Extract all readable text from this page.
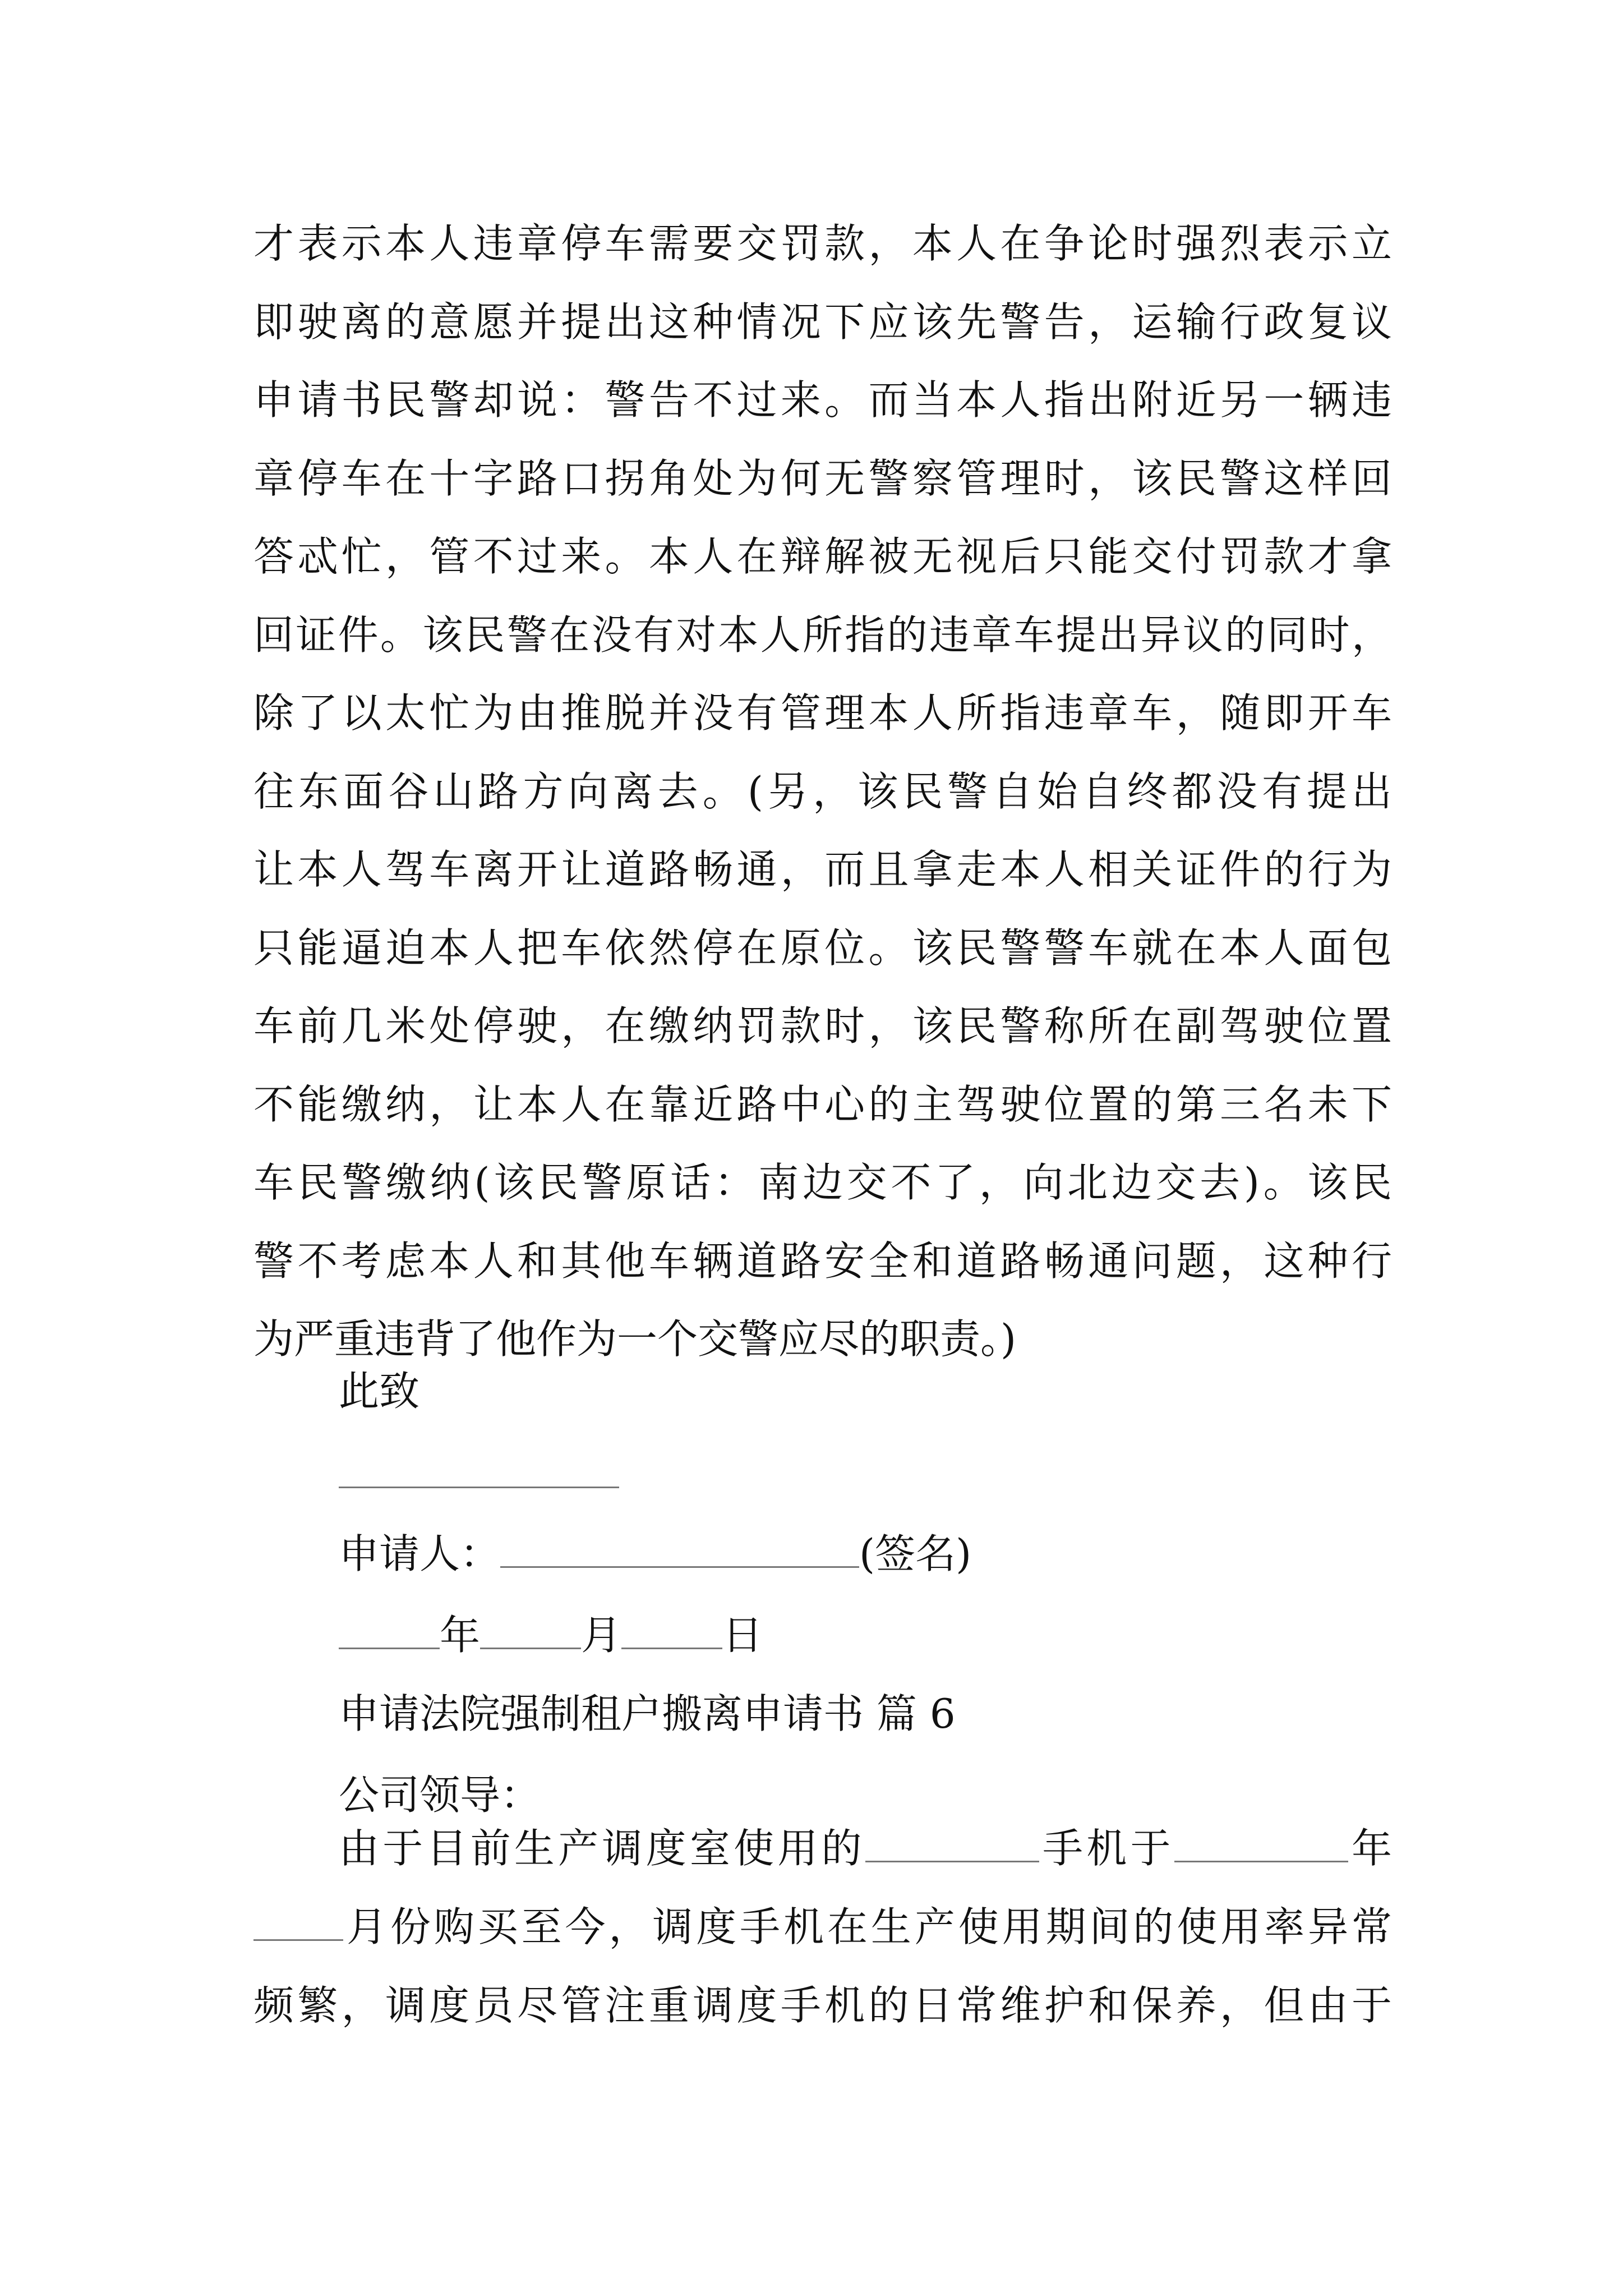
才表示本人违章停车需要交罚款，本人在争论时强烈表示立
即驶离的意愿并提出这种情况下应该先警告，运输行政复议
申请书民警却说：警告不过来。而当本人指出附近另一辆违
章停车在十字路口拐角处为何无警察管理时，该民警这样回
答忒忙，管不过来。本人在辩解被无视后只能交付罚款才拿
回证件。该民警在没有对本人所指的违章车提出异议的同时，
除了以太忙为由推脱并没有管理本人所指违章车，随即开车
往东面谷山路方向离去。(另，该民警自始自终都没有提出
让本人驾车离开让道路畅通，而且拿走本人相关证件的行为
只能逼迫本人把车依然停在原位。该民警警车就在本人面包
车前几米处停驶，在缴纳罚款时，该民警称所在副驾驶位置
不能缴纳，让本人在靠近路中心的主驾驶位置的第三名未下
车民警缴纳(该民警原话：南边交不了，向北边交去)。该民
警不考虑本人和其他车辆道路安全和道路畅通问题，这种行
为严重违背了他作为一个交警应尽的职责。)
此致
申请人：	(签名)
年	月	日
申请法院强制租户搬离申请书 篇 6
公司领导：
由于目前生产调度室使用的	手机于	年
月份购买至今，调度手机在生产使用期间的使用率异常
频繁，调度员尽管注重调度手机的日常维护和保养，但由于
